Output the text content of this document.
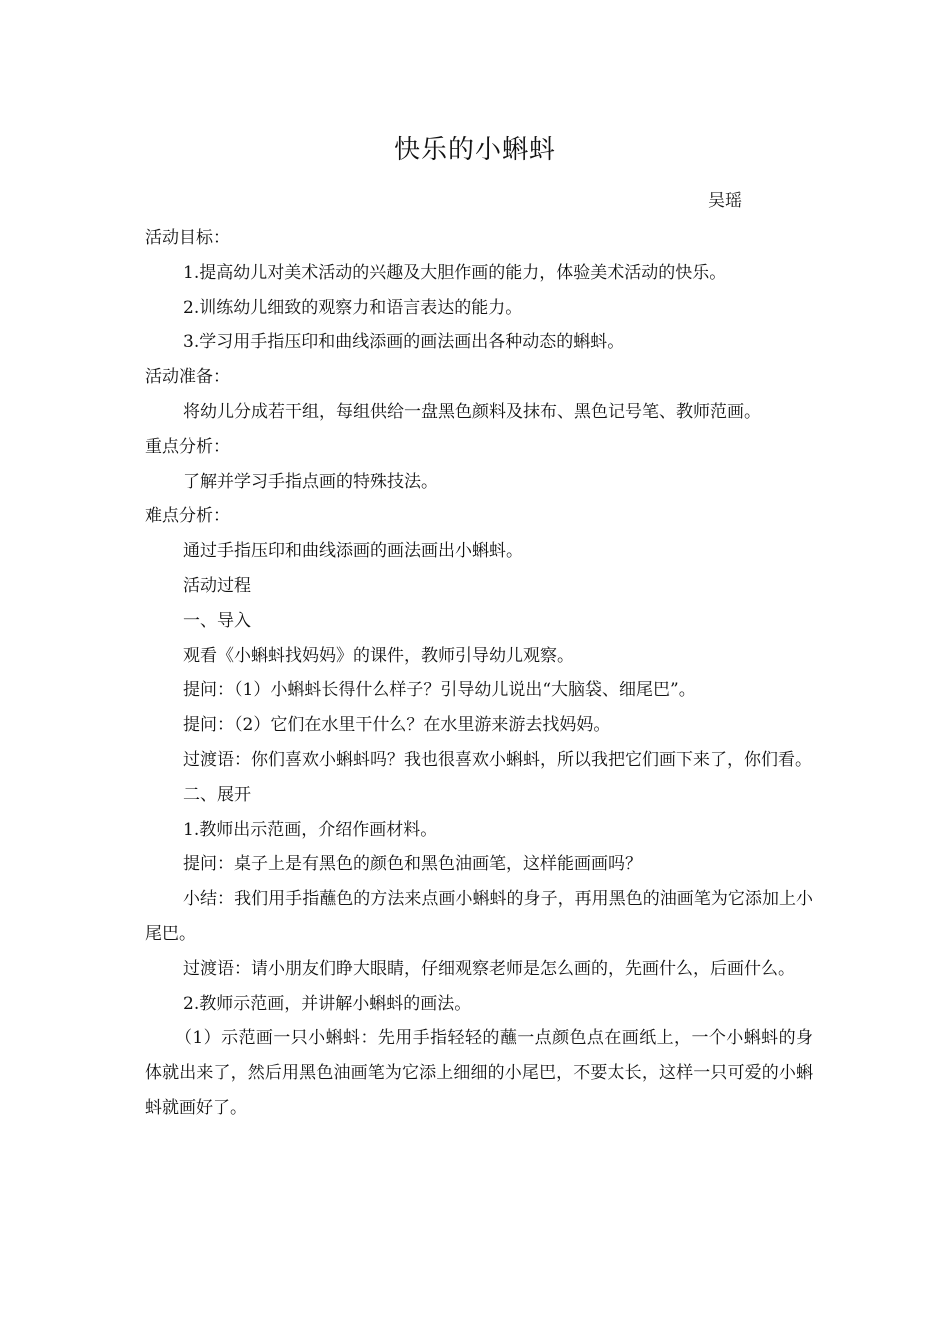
快乐的小蝌蚪
吴瑶

活动目标：

1.提高幼儿对美术活动的兴趣及大胆作画的能力，体验美术活动的快乐。

2.训练幼儿细致的观察力和语言表达的能力。

3.学习用手指压印和曲线添画的画法画出各种动态的蝌蚪。

活动准备：

将幼儿分成若干组，每组供给一盘黑色颜料及抹布、黑色记号笔、教师范画。

重点分析：

了解并学习手指点画的特殊技法。

难点分析：

通过手指压印和曲线添画的画法画出小蝌蚪。

活动过程

一、导入

观看《小蝌蚪找妈妈》的课件，教师引导幼儿观察。

提问：（1）小蝌蚪长得什么样子？引导幼儿说出“大脑袋、细尾巴”。

提问：（2）它们在水里干什么？在水里游来游去找妈妈。

过渡语：你们喜欢小蝌蚪吗？我也很喜欢小蝌蚪，所以我把它们画下来了，你们看。

二、展开

1.教师出示范画，介绍作画材料。

提问：桌子上是有黑色的颜色和黑色油画笔，这样能画画吗？

小结：我们用手指蘸色的方法来点画小蝌蚪的身子，再用黑色的油画笔为它添加上小尾巴。

过渡语：请小朋友们睁大眼睛，仔细观察老师是怎么画的，先画什么，后画什么。

2.教师示范画，并讲解小蝌蚪的画法。

（1）示范画一只小蝌蚪：先用手指轻轻的蘸一点颜色点在画纸上，一个小蝌蚪的身体就出来了，然后用黑色油画笔为它添上细细的小尾巴，不要太长，这样一只可爱的小蝌蚪就画好了。
